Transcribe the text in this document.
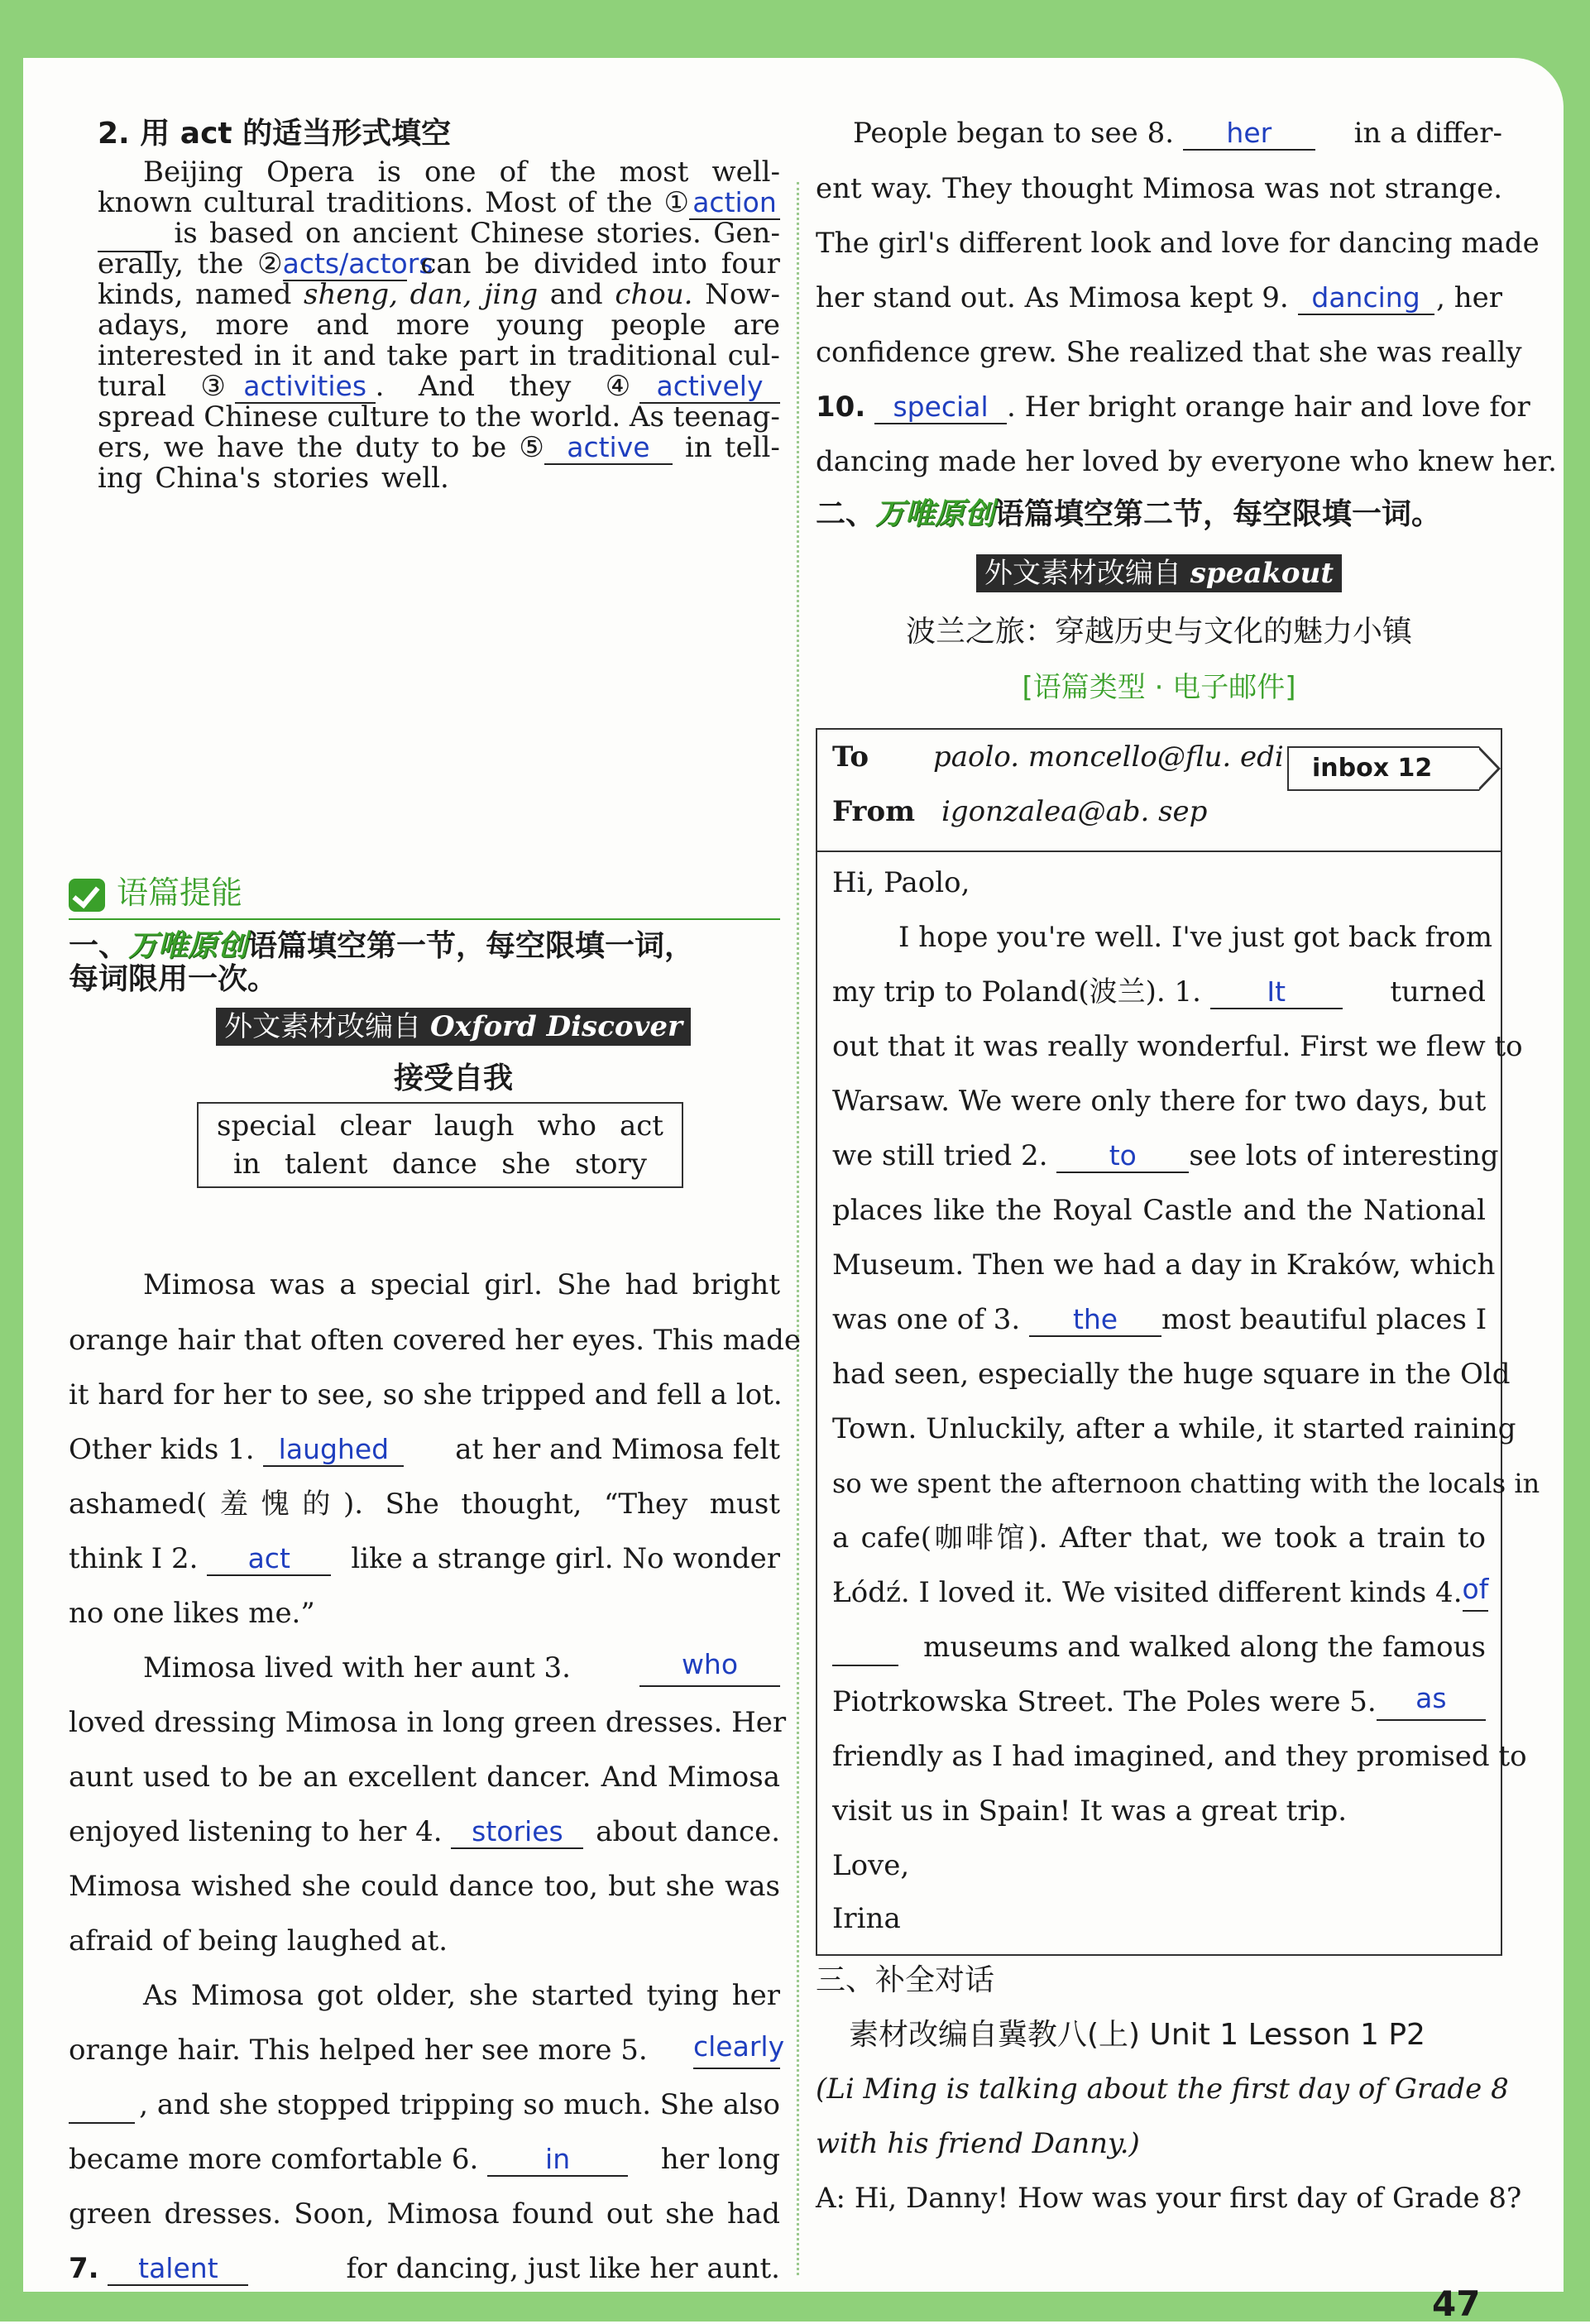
2. 用 act 的适当形式填空
Beijing Opera is one of the most well-
known cultural traditions. Most of the ① action
is based on ancient Chinese stories. Gen-
erally, the ②acts/actors
can be divided into four
kinds, named sheng, dan, jing and chou. Now-
adays, more and more young people are
interested in it and take part in traditional cul-
tural ③ activities . And they ④ actively
spread Chinese culture to the world. As teenag-
ers, we have the duty to be ⑤ active	in tell-
ing China's stories well.
语篇提能
一、万唯原创语篇填空第一节，每空限填一词，
每词限用一次。
外文素材改编自 Oxford Discover
接受自我
special clear laugh who act
in talent dance she story
Mimosa was a special girl. She had bright
orange hair that often covered her eyes. This made
it hard for her to see, so she tripped and fell a lot.
Other kids 1. laughed	at her and Mimosa felt
ashamed(羞愧的). She thought, “They must
think I 2. act	like a strange girl. No wonder
no one likes me.”
Mimosa lived with her aunt 3.	who
loved dressing Mimosa in long green dresses. Her
aunt used to be an excellent dancer. And Mimosa
enjoyed listening to her 4. stories	about dance.
Mimosa wished she could dance too, but she was
afraid of being laughed at.
As Mimosa got older, she started tying her
orange hair. This helped her see more 5. clearly
, and she stopped tripping so much. She also
became more comfortable 6. in	her long
green dresses. Soon, Mimosa found out she had
7. talent	for dancing, just like her aunt.
People began to see 8. her	in a differ-
ent way. They thought Mimosa was not strange.
The girl's different look and love for dancing made
her stand out. As Mimosa kept 9. dancing , her
confidence grew. She realized that she was really
10. special . Her bright orange hair and love for
dancing made her loved by everyone who knew her.
二、万唯原创语篇填空第二节，每空限填一词。
外文素材改编自 speakout
波兰之旅：穿越历史与文化的魅力小镇
[语篇类型 · 电子邮件]
To paolo. moncello@flu. edi
From igonzalea@ab. sep
inbox 12
Hi, Paolo,
I hope you're well. I've just got back from
my trip to Poland(波兰). 1. It	turned
out that it was really wonderful. First we flew to
Warsaw. We were only there for two days, but
we still tried 2. to	see lots of interesting
places like the Royal Castle and the National
Museum. Then we had a day in Kraków, which
was one of 3. the	most beautiful places I
had seen, especially the huge square in the Old
Town. Unluckily, after a while, it started raining
so we spent the afternoon chatting with the locals in
a cafe(咖啡馆). After that, we took a train to
Łódź. I loved it. We visited different kinds 4. of
museums and walked along the famous
Piotrkowska Street. The Poles were 5.	as
friendly as I had imagined, and they promised to
visit us in Spain! It was a great trip.
Love,
Irina
三、补全对话
素材改编自冀教八(上) Unit 1 Lesson 1 P2
(Li Ming is talking about the first day of Grade 8
with his friend Danny.)
A: Hi, Danny! How was your first day of Grade 8?
47
